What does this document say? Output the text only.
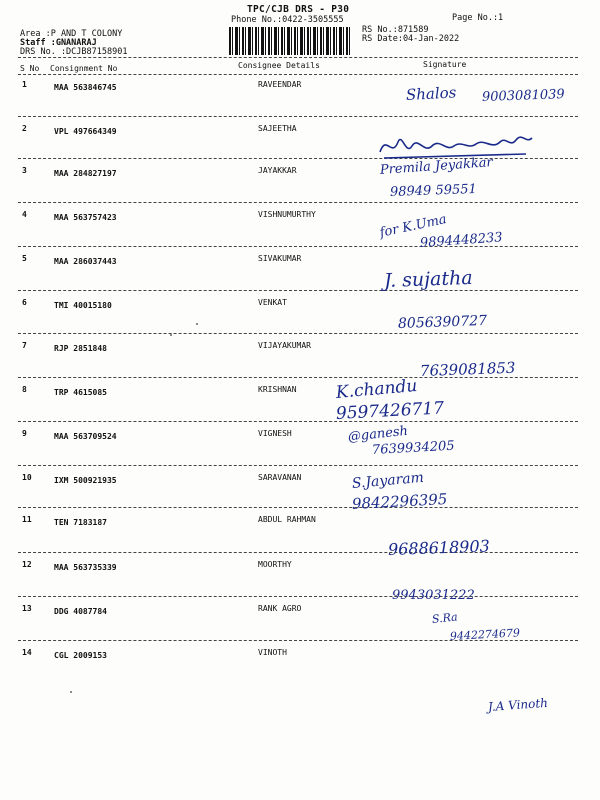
TPC/CJB DRS - P30
Phone No.:0422-3505555	Page No.:1
Area :P AND T COLONY
Staff :GNANARAJ
DRS No. :DCJB87158901
RS No.:871589
RS Date:04-Jan-2022
S No Consignment No	Consignee Details	Signature
1	MAA 563846745	RAVEENDAR	Shalos 9003081039
2	VPL 497664349	SAJEETHA
3	MAA 284827197	JAYAKKAR	Premila Jeyakkar
98949 59551
4	MAA 563757423	VISHNUMURTHY	for K.Uma
9894448233
5	MAA 286037443	SIVAKUMAR
J. sujatha
6	TMI 40015180	VENKAT
8056390727
7	RJP 2851848	VIJAYAKUMAR
7639081853
8	TRP 4615085	KRISHNAN K.chandu
9597426717
9	MAA 563709524	VIGNESH	@ganesh
7639934205
10	IXM 500921935	SARAVANAN	S.Jayaram
9842296395
11	TEN 7183187	ABDUL RAHMAN
9688618903
12	MAA 563735339	MOORTHY
9943031222
13	DDG 4087784	RANK AGRO
S.Ra
9442274679
14	CGL 2009153	VINOTH
J.A Vinoth
